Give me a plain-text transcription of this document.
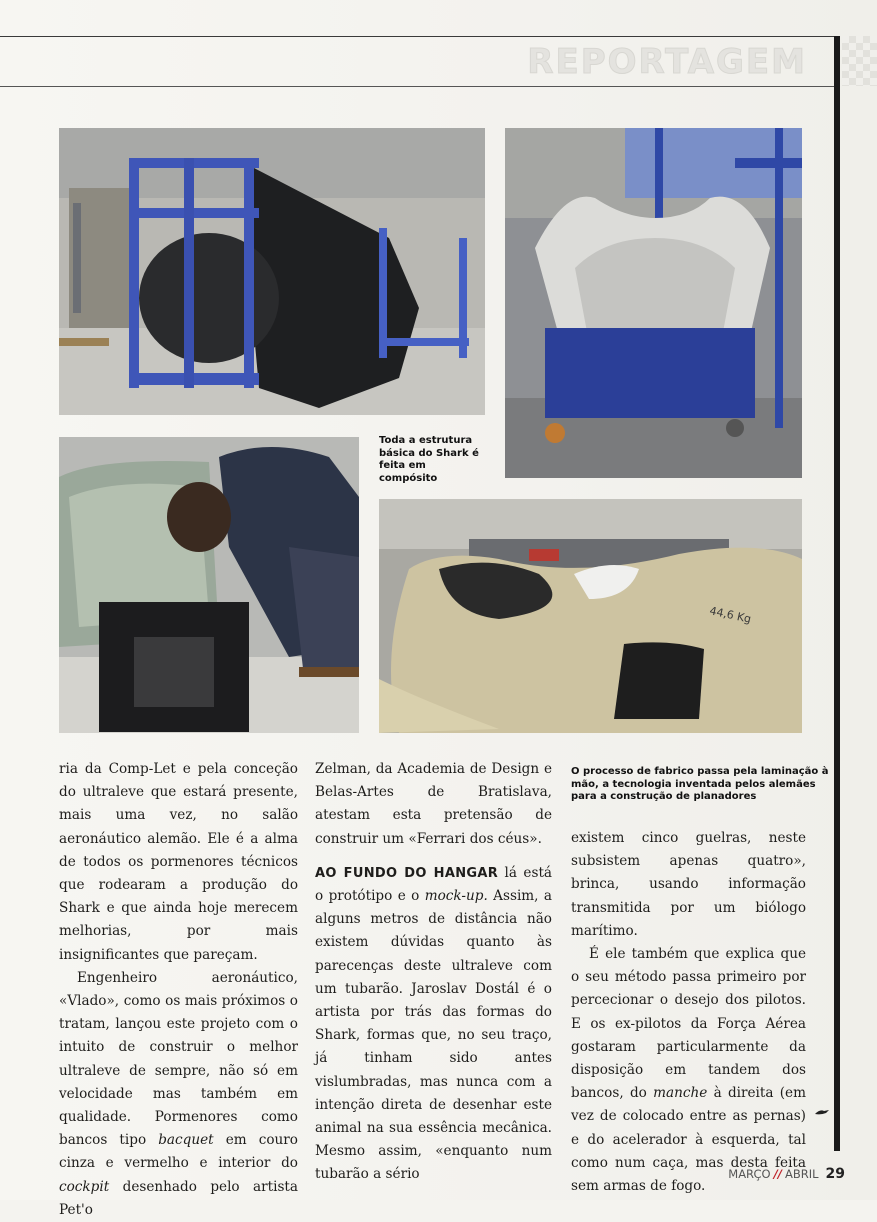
REPORTAGEM
44,6 Kg
Toda a estrutura básica do Shark é feita em compósito
O processo de fabrico passa pela laminação à mão, a tecnologia inventada pelos alemães para a construção de planadores

ria da Comp-Let e pela conceção do ultraleve que estará presente, mais uma vez, no salão aeronáutico alemão. Ele é a alma de todos os pormenores técnicos que rodearam a produção do Shark e que ainda hoje merecem melhorias, por mais insignificantes que pareçam.

Engenheiro aeronáutico, «Vlado», como os mais próximos o tratam, lançou este projeto com o intuito de construir o melhor ultraleve de sempre, não só em velocidade mas também em qualidade. Pormenores como bancos tipo bacquet em couro cinza e vermelho e interior do cockpit desenhado pelo artista Pet'o

Zelman, da Academia de Design e Belas-Artes de Bratislava, atestam esta pretensão de construir um «Ferrari dos céus».

AO FUNDO DO HANGAR lá está o protótipo e o mock-up. Assim, a alguns metros de distância não existem dúvidas quanto às parecenças deste ultraleve com um tubarão. Jaroslav Dostál é o artista por trás das formas do Shark, formas que, no seu traço, já tinham sido antes vislumbradas, mas nunca com a intenção direta de desenhar este animal na sua essência mecânica. Mesmo assim, «enquanto num tubarão a sério

existem cinco guelras, neste subsistem apenas quatro», brinca, usando informação transmitida por um biólogo marítimo.

É ele também que explica que o seu método passa primeiro por percecionar o desejo dos pilotos. E os ex-pilotos da Força Aérea gostaram particularmente da disposição em tandem dos bancos, do manche à direita (em vez de colocado entre as pernas) e do acelerador à esquerda, tal como num caça, mas desta feita sem armas de fogo.

MARÇO // ABRIL 29
